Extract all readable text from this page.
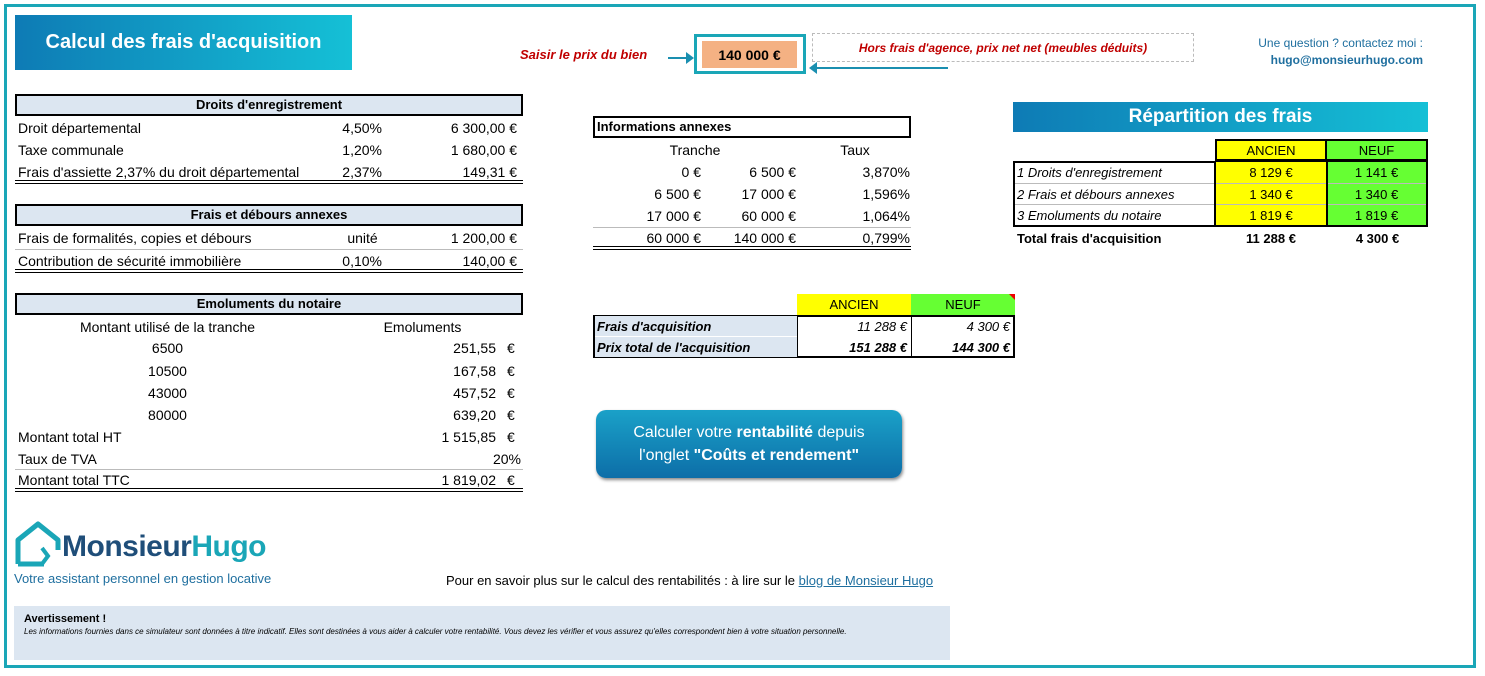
Calcul des frais d'acquisition
Saisir le prix du bien	140 000 €	Hors frais d'agence, prix net net (meubles déduits)	Une question ? contactez moi :
hugo@monsieurhugo.com
Droits d'enregistrement
Droit départemental	4,50%	6 300,00 €
Taxe communale	1,20%	1 680,00 €
Frais d'assiette 2,37% du droit départemental	2,37%	149,31 €
Frais et débours annexes
Frais de formalités, copies et débours	unité	1 200,00 €
Contribution de sécurité immobilière	0,10%	140,00 €
Emoluments du notaire
Montant utilisé de la tranche	Emoluments
6500	251,55 €
10500	167,58 €
43000	457,52 €
80000	639,20 €
Montant total HT	1 515,85 €
Taux de TVA	20%
Montant total TTC	1 819,02 €
Informations annexes
Tranche	Taux
0 €	6 500 €	3,870%
6 500 €	17 000 €	1,596%
17 000 €	60 000 €	1,064%
60 000 €	140 000 €	0,799%
ANCIEN	NEUF
Frais d'acquisition	11 288 €	4 300 €
Prix total de l'acquisition	151 288 €	144 300 €
Répartition des frais
ANCIEN	NEUF
1 Droits d'enregistrement	8 129 €	1 141 €
2 Frais et débours annexes	1 340 €	1 340 €
3 Emoluments du notaire	1 819 €	1 819 €
Total frais d'acquisition	11 288 €	4 300 €
Calculer votre rentabilité depuis
l'onglet "Coûts et rendement"
MonsieurHugo
Votre assistant personnel en gestion locative	Pour en savoir plus sur le calcul des rentabilités : à lire sur le blog de Monsieur Hugo
Avertissement !
Les informations fournies dans ce simulateur sont données à titre indicatif. Elles sont destinées à vous aider à calculer votre rentabilité. Vous devez les vérifier et vous assurez qu'elles correspondent bien à votre situation personnelle.
